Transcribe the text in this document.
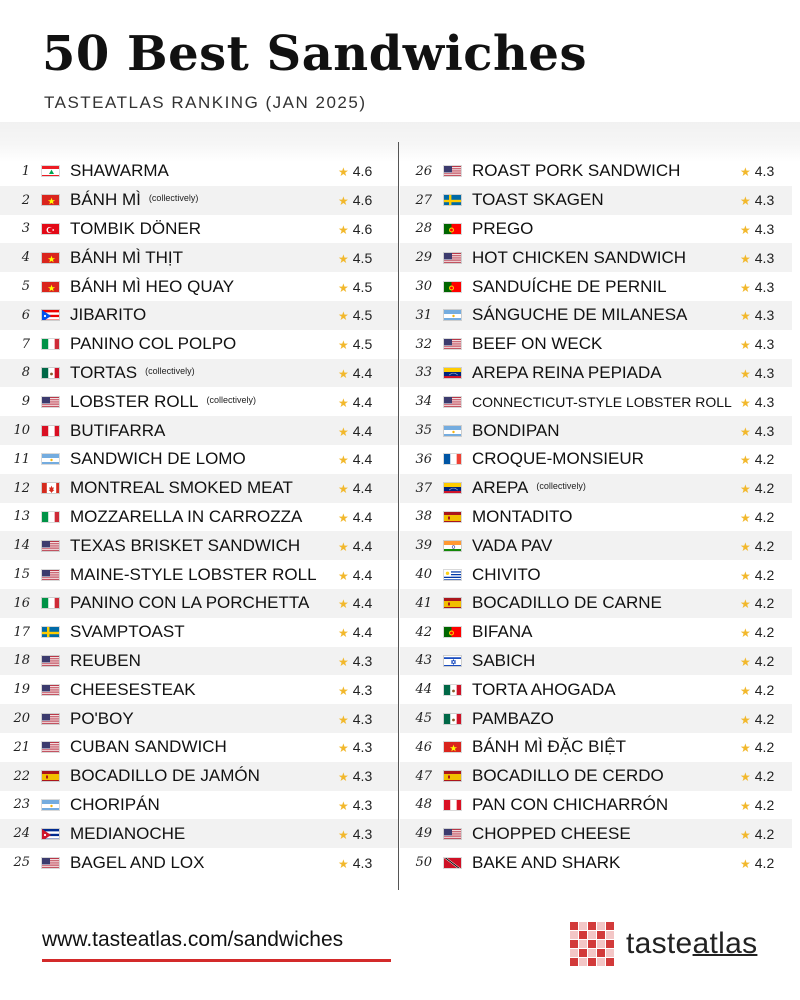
50 Best Sandwiches
TASTEATLAS RANKING (JAN 2025)
1 SHAWARMA	★ 4.6
2 BÁNH MÌ $^{(collectively)}$	★ 4.6
3 TOMBIK DÖNER	★ 4.6
4 BÁNH MÌ THỊT	★ 4.5
5 BÁNH MÌ HEO QUAY	★ 4.5
6 JIBARITO	★ 4.5
7 PANINO COL POLPO	★ 4.5
8 TORTAS $^{(collectively)}$	★ 4.4
9 LOBSTER ROLL $^{(collectively)}$	★ 4.4
10 BUTIFARRA	★ 4.4
11 SANDWICH DE LOMO	★ 4.4
12 MONTREAL SMOKED MEAT	★ 4.4
13 MOZZARELLA IN CARROZZA	★ 4.4
14 TEXAS BRISKET SANDWICH	★ 4.4
15 MAINE-STYLE LOBSTER ROLL	★ 4.4
16 PANINO CON LA PORCHETTA	★ 4.4
17 SVAMPTOAST	★ 4.4
18 REUBEN	★ 4.3
19 CHEESESTEAK	★ 4.3
20 PO'BOY	★ 4.3
21 CUBAN SANDWICH	★ 4.3
22 BOCADILLO DE JAMÓN	★ 4.3
23 CHORIPÁN	★ 4.3
24 MEDIANOCHE	★ 4.3
25 BAGEL AND LOX	★ 4.3
26 ROAST PORK SANDWICH	★ 4.3
27 TOAST SKAGEN	★ 4.3
28 PREGO	★ 4.3
29 HOT CHICKEN SANDWICH	★ 4.3
30 SANDUÍCHE DE PERNIL	★ 4.3
31 SÁNGUCHE DE MILANESA	★ 4.3
32 BEEF ON WECK	★ 4.3
33 AREPA REINA PEPIADA	★ 4.3
34	CONNECTICUT-STYLE LOBSTER ROLL ★ 4.3
35 BONDIPAN	★ 4.3
36 CROQUE-MONSIEUR	★ 4.2
37 AREPA $^{(collectively)}$	★ 4.2
38 MONTADITO	★ 4.2
39 VADA PAV	★ 4.2
40 CHIVITO	★ 4.2
41 BOCADILLO DE CARNE	★ 4.2
42 BIFANA	★ 4.2
43 SABICH	★ 4.2
44 TORTA AHOGADA	★ 4.2
45 PAMBAZO	★ 4.2
46 BÁNH MÌ ĐẶC BIỆT	★ 4.2
47 BOCADILLO DE CERDO	★ 4.2
48 PAN CON CHICHARRÓN	★ 4.2
49 CHOPPED CHEESE	★ 4.2
50 BAKE AND SHARK	★ 4.2
www.tasteatlas.com/sandwiches	tasteatlas
